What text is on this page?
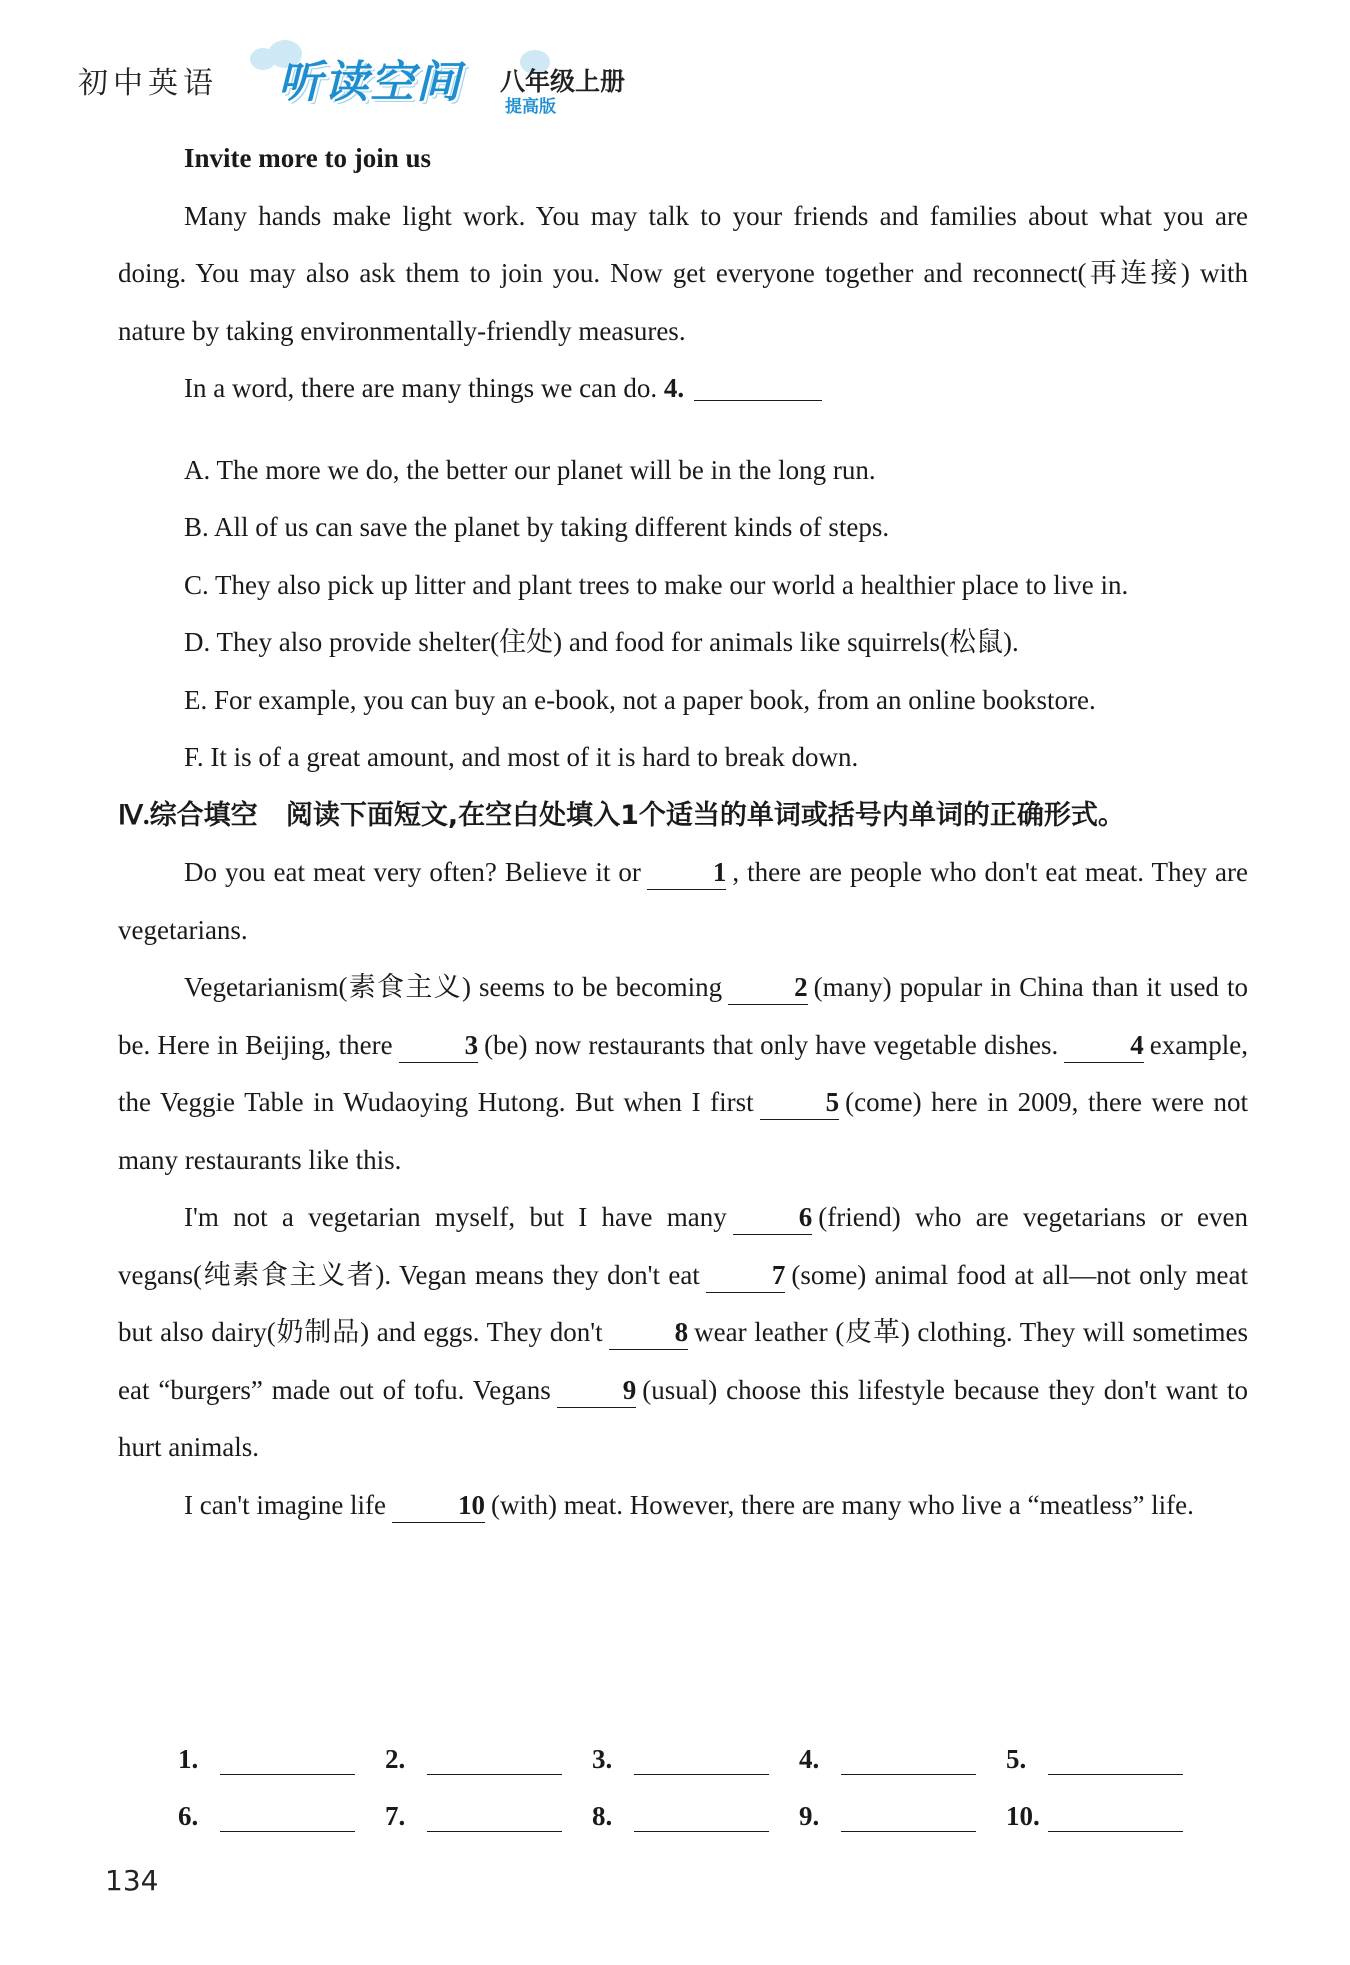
初中英语 听读空间	提高版
八年级上册

Invite more to join us

Many hands make light work. You may talk to your friends and families about what you are doing. You may also ask them to join you. Now get everyone together and reconnect(再连接) with nature by taking environmentally-friendly measures.

In a word, there are many things we can do. 4.

A. The more we do, the better our planet will be in the long run.

B. All of us can save the planet by taking different kinds of steps.

C. They also pick up litter and plant trees to make our world a healthier place to live in.

D. They also provide shelter(住处) and food for animals like squirrels(松鼠).

E. For example, you can buy an e-book, not a paper book, from an online bookstore.

F. It is of a great amount, and most of it is hard to break down.

Ⅳ.综合填空 阅读下面短文,在空白处填入1个适当的单词或括号内单词的正确形式。

Do you eat meat very often? Believe it or	1 , there are people who don't eat meat. They are vegetarians.

Vegetarianism(素食主义) seems to be becoming	2 (many) popular in China than it used to be. Here in Beijing, there	3 (be) now restaurants that only have vegetable dishes.	4 example, the Veggie Table in Wudaoying Hutong. But when I first	5 (come) here in 2009, there were not many restaurants like this.

I'm not a vegetarian myself, but I have many	6 (friend) who are vegetarians or even vegans(纯素食主义者). Vegan means they don't eat	7 (some) animal food at all—not only meat but also dairy(奶制品) and eggs. They don't	8 wear leather (皮革) clothing. They will sometimes eat “burgers” made out of tofu. Vegans	9 (usual) choose this lifestyle because they don't want to hurt animals.

I can't imagine life	10 (with) meat. However, there are many who live a “meatless” life.

1.	2.	3.	4.	5.
6.	7.	8.	9.	10.
134
